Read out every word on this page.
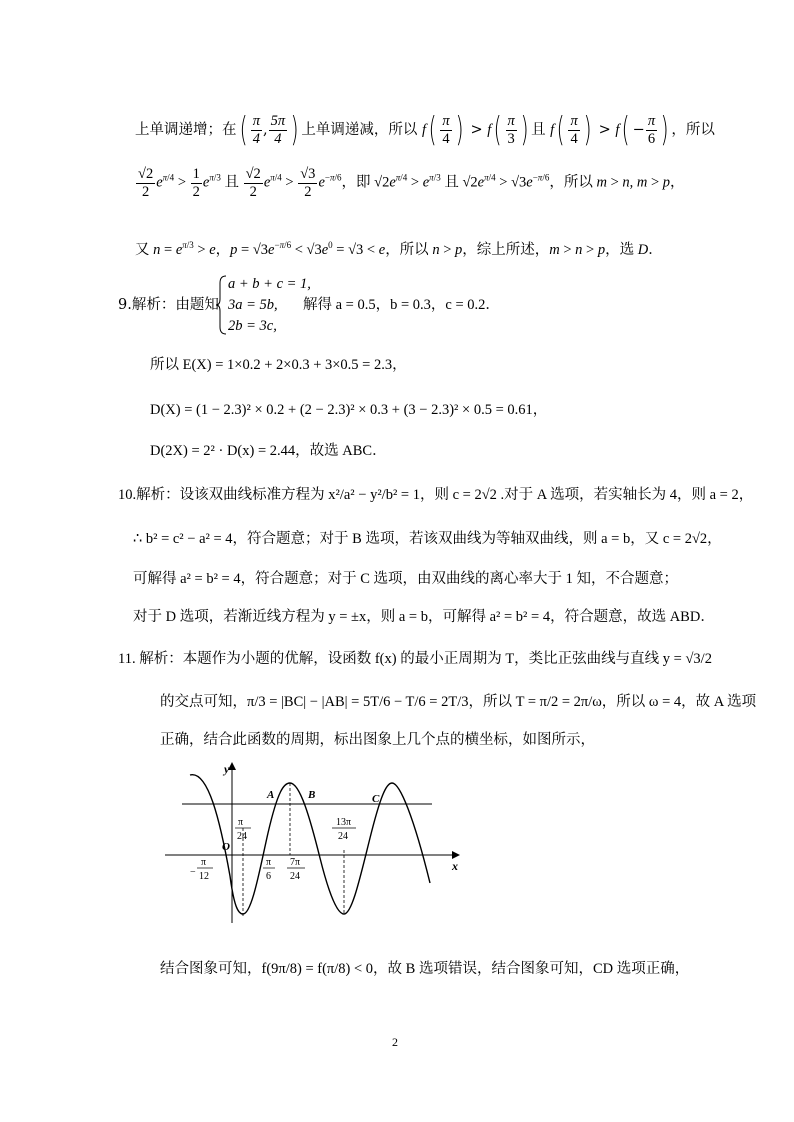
上单调递增；在( $\frac{\pi}{4}$ , $\frac{5\pi}{4}$ ) 上单调递减，所以 $f( \frac{\pi}{4}$ ) > $f( \frac{\pi}{3}$ ) 且 $f( \frac{\pi}{4}$ ) > $f( - \frac{\pi}{6}$ ) ，所以
$\frac{√2}{2} e^{\pi/4} > \frac{1}{2} e^{\pi/3}$ 且 $\frac{√2}{2} e^{\pi/4} > \frac{√3}{2} e^{-\pi/6}$，即 $√2e^{\pi/4} > e^{\pi/3}$ 且 $√2e^{\pi/4} > √3e^{-\pi/6}$，所以 m > n, m > p，
又 $n = e^{\pi/3} > e$，$p = √3e^{-\pi/6} < √3e^0 = √3 < e$，所以 n > p，综上所述，m > n > p，选 D．
9.解析：由题知
a + b + c = 1,
3a = 5b,
2b = 3c,
解得 a = 0.5，b = 0.3，c = 0.2．
所以 E(X) = 1×0.2 + 2×0.3 + 3×0.5 = 2.3，
D(X) = (1 − 2.3)² × 0.2 + (2 − 2.3)² × 0.3 + (3 − 2.3)² × 0.5 = 0.61，
D(2X) = 2² · D(x) = 2.44，故选 ABC．
10.解析：设该双曲线标准方程为 x²/a² − y²/b² = 1，则 c = 2√2 .对于 A 选项，若实轴长为 4，则 a = 2，
∴ b² = c² − a² = 4，符合题意；对于 B 选项，若该双曲线为等轴双曲线，则 a = b，又 c = 2√2，
可解得 a² = b² = 4，符合题意；对于 C 选项，由双曲线的离心率大于 1 知，不合题意；
对于 D 选项，若渐近线方程为 y = ±x，则 a = b，可解得 a² = b² = 4，符合题意，故选 ABD．
11. 解析：本题作为小题的优解，设函数 f(x) 的最小正周期为 T，类比正弦曲线与直线 y = √3/2
的交点可知，π/3 = |BC| − |AB| = 5T/6 − T/6 = 2T/3，所以 T = π/2 = 2π/ω，所以 ω = 4，故 A 选项
正确，结合此函数的周期，标出图象上几个点的横坐标，如图所示，
y
x
O
A	B	C
π
24
13π
24
π
− 12
π
6
7π
24
结合图象可知，f(9π/8) = f(π/8) < 0，故 B 选项错误，结合图象可知，CD 选项正确，
2
